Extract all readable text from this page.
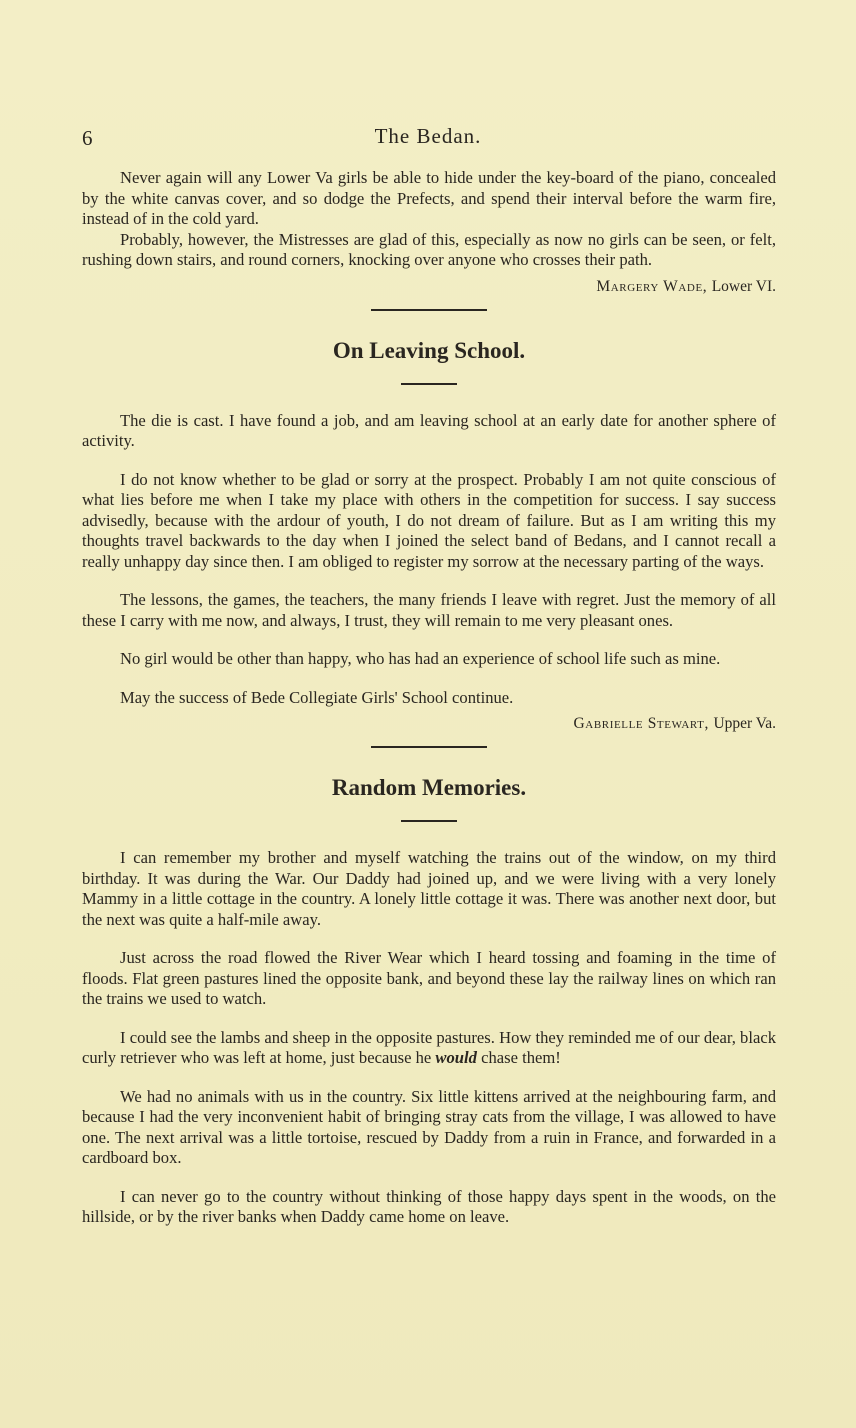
6	The Bedan.

Never again will any Lower Va girls be able to hide under the key-board of the piano, concealed by the white canvas cover, and so dodge the Prefects, and spend their interval before the warm fire, instead of in the cold yard.

Probably, however, the Mistresses are glad of this, especially as now no girls can be seen, or felt, rushing down stairs, and round corners, knocking over anyone who crosses their path.

Margery Wade, Lower VI.
On Leaving School.

The die is cast. I have found a job, and am leaving school at an early date for another sphere of activity.

I do not know whether to be glad or sorry at the prospect. Probably I am not quite conscious of what lies before me when I take my place with others in the competition for success. I say success advisedly, because with the ardour of youth, I do not dream of failure. But as I am writing this my thoughts travel backwards to the day when I joined the select band of Bedans, and I cannot recall a really unhappy day since then. I am obliged to register my sorrow at the necessary parting of the ways.

The lessons, the games, the teachers, the many friends I leave with regret. Just the memory of all these I carry with me now, and always, I trust, they will remain to me very pleasant ones.

No girl would be other than happy, who has had an experience of school life such as mine.

May the success of Bede Collegiate Girls' School continue.

Gabrielle Stewart, Upper Va.
Random Memories.

I can remember my brother and myself watching the trains out of the window, on my third birthday. It was during the War. Our Daddy had joined up, and we were living with a very lonely Mammy in a little cottage in the country. A lonely little cottage it was. There was another next door, but the next was quite a half-mile away.

Just across the road flowed the River Wear which I heard tossing and foaming in the time of floods. Flat green pastures lined the opposite bank, and beyond these lay the railway lines on which ran the trains we used to watch.

I could see the lambs and sheep in the opposite pastures. How they reminded me of our dear, black curly retriever who was left at home, just because he would chase them!

We had no animals with us in the country. Six little kittens arrived at the neighbouring farm, and because I had the very inconvenient habit of bringing stray cats from the village, I was allowed to have one. The next arrival was a little tortoise, rescued by Daddy from a ruin in France, and forwarded in a cardboard box.

I can never go to the country without thinking of those happy days spent in the woods, on the hillside, or by the river banks when Daddy came home on leave.
